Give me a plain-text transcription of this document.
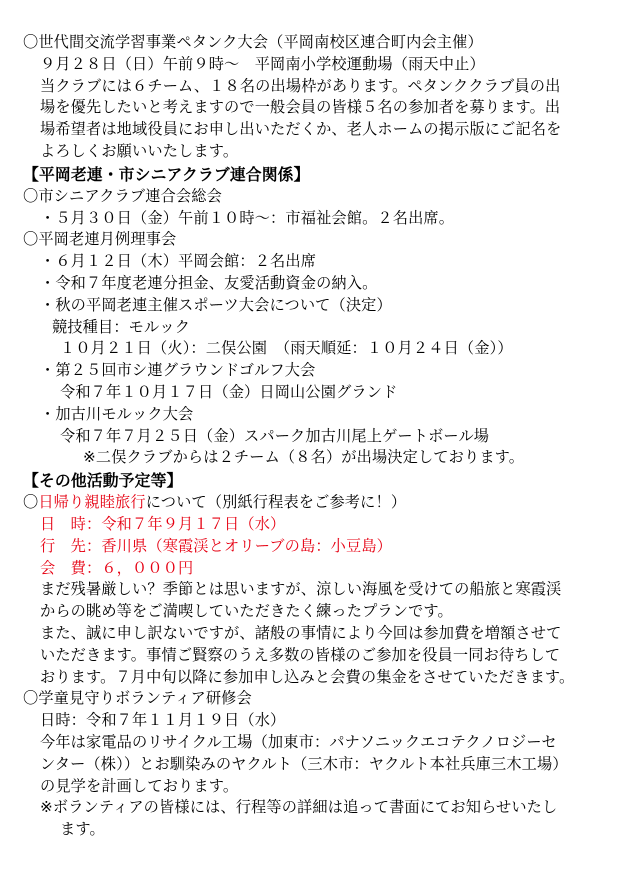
〇世代間交流学習事業ペタンク大会（平岡南校区連合町内会主催）
９月２８日（日）午前９時～　平岡南小学校運動場（雨天中止）
当クラブには６チーム、１８名の出場枠があります。ペタンククラブ員の出
場を優先したいと考えますので一般会員の皆様５名の参加者を募ります。出
場希望者は地域役員にお申し出いただくか、老人ホームの掲示版にご記名を
よろしくお願いいたします。
【平岡老連・市シニアクラブ連合関係】
〇市シニアクラブ連合会総会
・５月３０日（金）午前１０時～：市福祉会館。２名出席。
〇平岡老連月例理事会
・６月１２日（木）平岡会館：２名出席
・令和７年度老連分担金、友愛活動資金の納入。
・秋の平岡老連主催スポーツ大会について（決定）
競技種目：モルック
１０月２１日（火）：二俣公園　（雨天順延：１０月２４日（金））
・第２５回市シ連グラウンドゴルフ大会
令和７年１０月１７日（金）日岡山公園グランド
・加古川モルック大会
令和７年７月２５日（金）スパーク加古川尾上ゲートボール場
※二俣クラブからは２チーム（８名）が出場決定しております。
【その他活動予定等】
〇日帰り親睦旅行について（別紙行程表をご参考に！）
日　時：令和７年９月１７日（水）
行　先：香川県（寒霞渓とオリーブの島：小豆島）
会　費：６，０００円
まだ残暑厳しい？季節とは思いますが、涼しい海風を受けての船旅と寒霞渓
からの眺め等をご満喫していただきたく練ったプランです。
また、誠に申し訳ないですが、諸般の事情により今回は参加費を増額させて
いただきます。事情ご賢察のうえ多数の皆様のご参加を役員一同お待ちして
おります。７月中旬以降に参加申し込みと会費の集金をさせていただきます。
〇学童見守りボランティア研修会
日時：令和７年１１月１９日（水）
今年は家電品のリサイクル工場（加東市：パナソニックエコテクノロジーセ
ンター（株））とお馴染みのヤクルト（三木市：ヤクルト本社兵庫三木工場）
の見学を計画しております。
※ボランティアの皆様には、行程等の詳細は追って書面にてお知らせいたし
ます。
